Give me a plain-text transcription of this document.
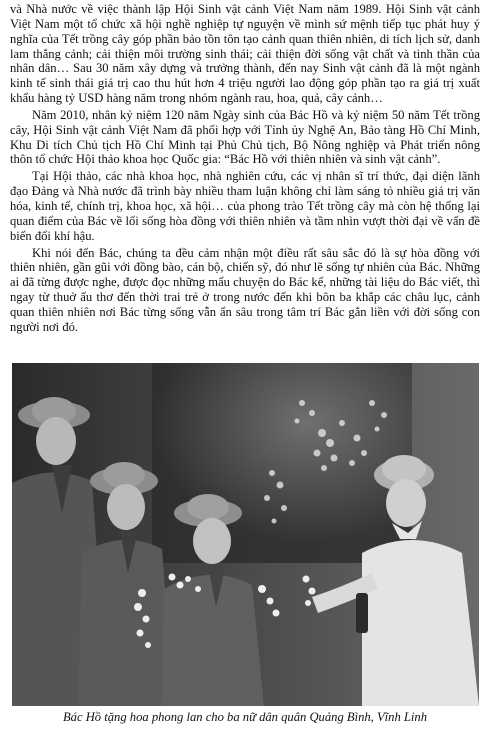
và Nhà nước về việc thành lập Hội Sinh vật cảnh Việt Nam năm 1989. Hội Sinh vật cảnh Việt Nam một tổ chức xã hội nghề nghiệp tự nguyện về mình sứ mệnh tiếp tục phát huy ý nghĩa của Tết trồng cây góp phần bảo tồn tôn tạo cảnh quan thiên nhiên, di tích lịch sử, danh lam thắng cảnh; cải thiện môi trường sinh thái; cải thiện đời sống vật chất và tinh thần của nhân dân… Sau 30 năm xây dựng và trưởng thành, đến nay Sinh vật cảnh đã là một ngành kinh tế sinh thái giá trị cao thu hút hơn 4 triệu người lao động góp phần tạo ra giá trị xuất khẩu hàng tỷ USD hàng năm trong nhóm ngành rau, hoa, quả, cây cảnh…

Năm 2010, nhân kỷ niệm 120 năm Ngày sinh của Bác Hồ và kỷ niệm 50 năm Tết trồng cây, Hội Sinh vật cảnh Việt Nam đã phối hợp với Tỉnh ủy Nghệ An, Bảo tàng Hồ Chí Minh, Khu Di tích Chủ tịch Hồ Chí Minh tại Phủ Chủ tịch, Bộ Nông nghiệp và Phát triển nông thôn tổ chức Hội thảo khoa học Quốc gia: “Bác Hồ với thiên nhiên và sinh vật cảnh”.

Tại Hội thảo, các nhà khoa học, nhà nghiên cứu, các vị nhân sĩ trí thức, đại diện lãnh đạo Đảng và Nhà nước đã trình bày nhiều tham luận không chỉ làm sáng tỏ nhiều giá trị văn hóa, kinh tế, chính trị, khoa học, xã hội… của phong trào Tết trồng cây mà còn hệ thống lại quan điểm của Bác về lối sống hòa đồng với thiên nhiên và tầm nhìn vượt thời đại về vấn đề biến đổi khí hậu.

Khi nói đến Bác, chúng ta đều cảm nhận một điều rất sâu sắc đó là sự hòa đồng với thiên nhiên, gần gũi với đồng bào, cán bộ, chiến sỹ, đó như lẽ sống tự nhiên của Bác. Những ai đã từng được nghe, được đọc những mẩu chuyện do Bác kể, những tài liệu do Bác viết, thì ngay từ thuở ấu thơ đến thời trai trẻ ở trong nước đến khi bôn ba khắp các châu lục, cảnh quan thiên nhiên nơi Bác từng sống vẫn ẩn sâu trong tâm trí Bác gắn liền với đời sống con người nơi đó.

Bác Hồ tặng hoa phong lan cho ba nữ dân quân Quảng Bình, Vĩnh Linh
